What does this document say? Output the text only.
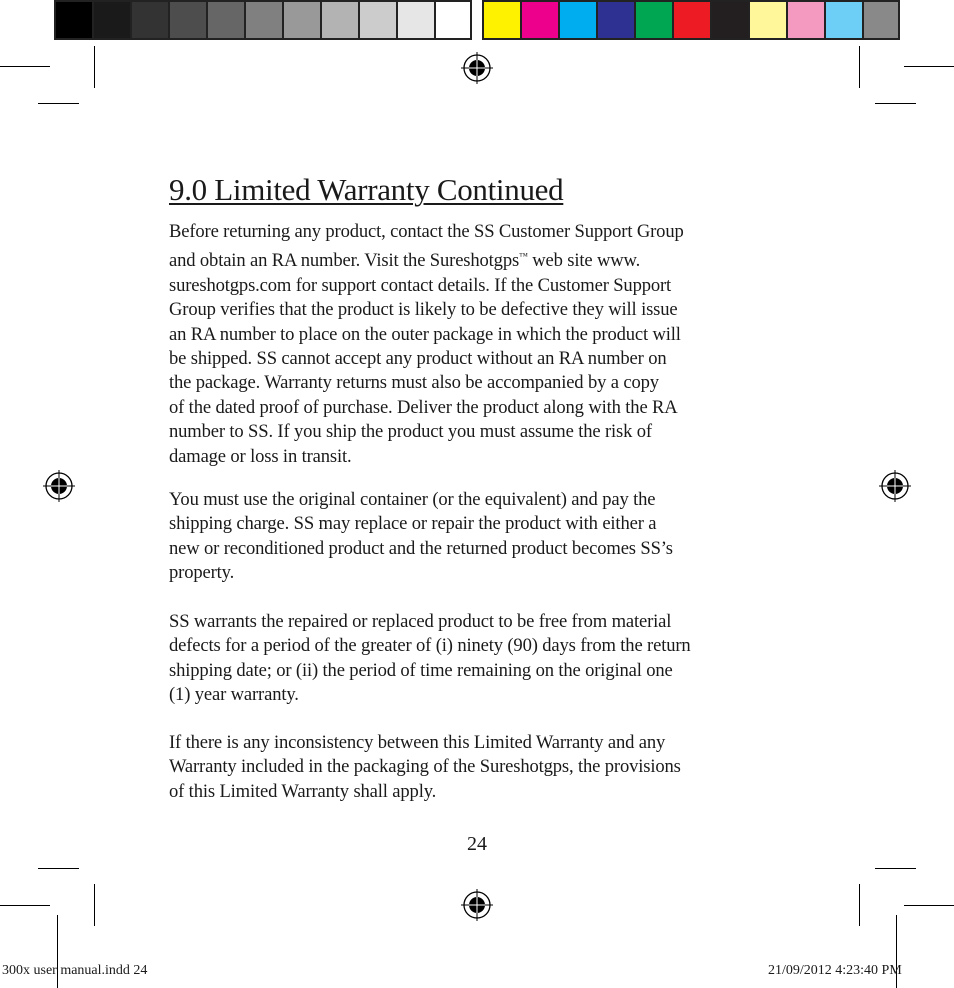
9.0 Limited Warranty Continued

Before returning any product, contact the SS Customer Support Group
and obtain an RA number. Visit the Sureshotgps™ web site www.
sureshotgps.com for support contact details. If the Customer Support
Group verifies that the product is likely to be defective they will issue
an RA number to place on the outer package in which the product will
be shipped. SS cannot accept any product without an RA number on
the package. Warranty returns must also be accompanied by a copy
of the dated proof of purchase. Deliver the product along with the RA
number to SS. If you ship the product you must assume the risk of
damage or loss in transit.

You must use the original container (or the equivalent) and pay the
shipping charge. SS may replace or repair the product with either a
new or reconditioned product and the returned product becomes SS’s
property.

SS warrants the repaired or replaced product to be free from material
defects for a period of the greater of (i) ninety (90) days from the return
shipping date; or (ii) the period of time remaining on the original one
(1) year warranty.

If there is any inconsistency between this Limited Warranty and any
Warranty included in the packaging of the Sureshotgps, the provisions
of this Limited Warranty shall apply.

24
300x user manual.indd 24	21/09/2012 4:23:40 PM
